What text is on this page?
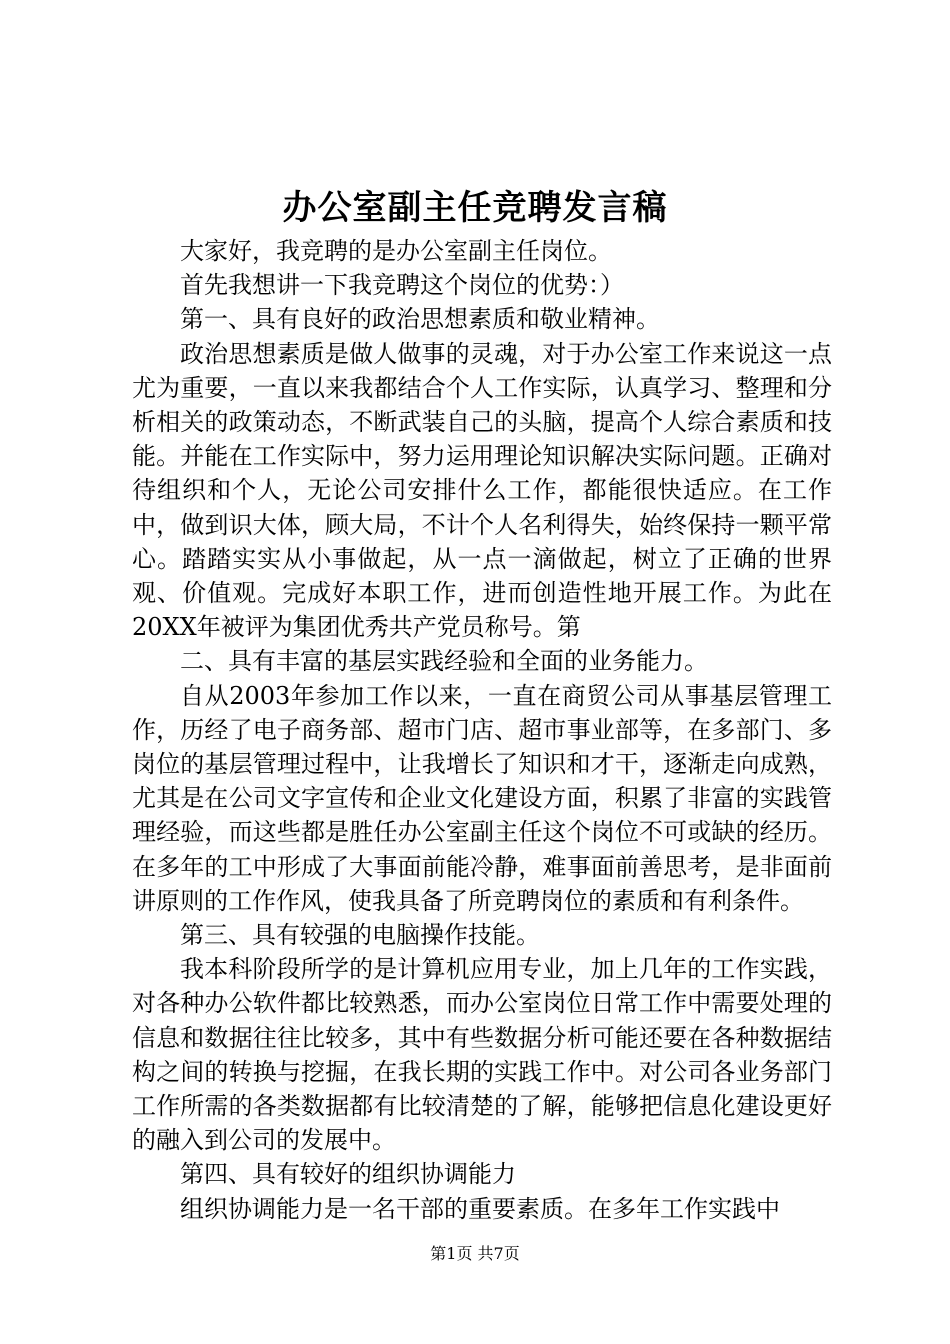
办公室副主任竞聘发言稿

大家好，我竞聘的是办公室副主任岗位。

首先我想讲一下我竞聘这个岗位的优势：）

第一、具有良好的政治思想素质和敬业精神。

政治思想素质是做人做事的灵魂，对于办公室工作来说这一点尤为重要，一直以来我都结合个人工作实际，认真学习、整理和分析相关的政策动态，不断武装自己的头脑，提高个人综合素质和技能。并能在工作实际中，努力运用理论知识解决实际问题。正确对待组织和个人，无论公司安排什么工作，都能很快适应。在工作中，做到识大体，顾大局，不计个人名利得失，始终保持一颗平常心。踏踏实实从小事做起，从一点一滴做起，树立了正确的世界观、价值观。完成好本职工作，进而创造性地开展工作。为此在20XX年被评为集团优秀共产党员称号。第

二、具有丰富的基层实践经验和全面的业务能力。

自从2003年参加工作以来，一直在商贸公司从事基层管理工作，历经了电子商务部、超市门店、超市事业部等，在多部门、多岗位的基层管理过程中，让我增长了知识和才干，逐渐走向成熟，尤其是在公司文字宣传和企业文化建设方面，积累了非富的实践管理经验，而这些都是胜任办公室副主任这个岗位不可或缺的经历。在多年的工中形成了大事面前能冷静，难事面前善思考，是非面前讲原则的工作作风，使我具备了所竞聘岗位的素质和有利条件。

第三、具有较强的电脑操作技能。

我本科阶段所学的是计算机应用专业，加上几年的工作实践，对各种办公软件都比较熟悉，而办公室岗位日常工作中需要处理的信息和数据往往比较多，其中有些数据分析可能还要在各种数据结构之间的转换与挖掘，在我长期的实践工作中。对公司各业务部门工作所需的各类数据都有比较清楚的了解，能够把信息化建设更好的融入到公司的发展中。

第四、具有较好的组织协调能力

组织协调能力是一名干部的重要素质。在多年工作实践中

第1页 共7页
